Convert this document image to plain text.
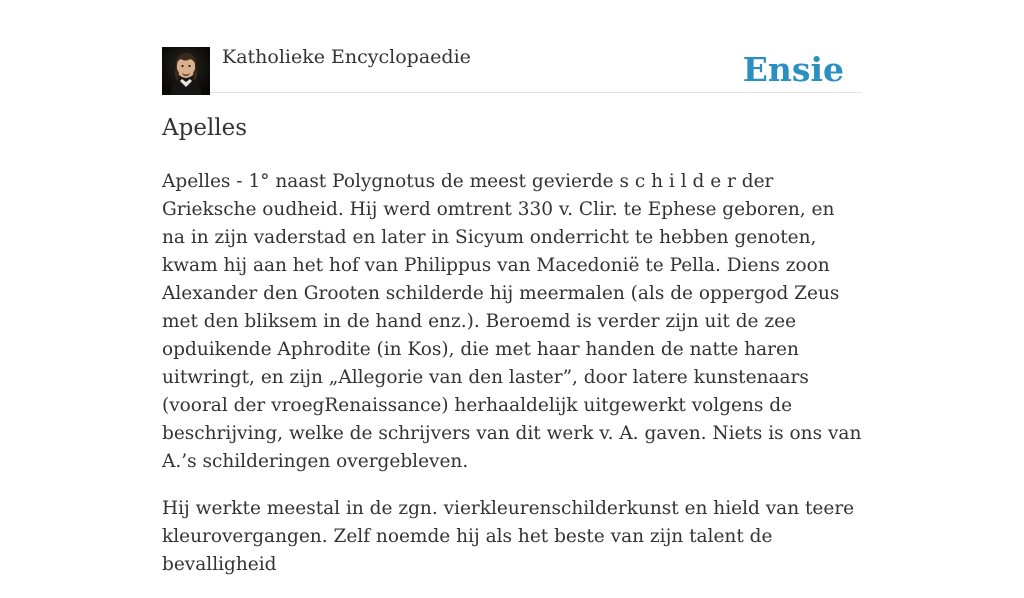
Katholieke Encyclopaedie	Ensie
Apelles

Apelles - 1° naast Polygnotus de meest gevierde s c h i l d e r der Grieksche oudheid. Hij werd omtrent 330 v. Clir. te Ephese geboren, en na in zijn vaderstad en later in Sicyum onderricht te hebben genoten, kwam hij aan het hof van Philippus van Macedonië te Pella. Diens zoon Alexander den Grooten schilderde hij meermalen (als de oppergod Zeus met den bliksem in de hand enz.). Beroemd is verder zijn uit de zee opduikende Aphrodite (in Kos), die met haar handen de natte haren uitwringt, en zijn „Allegorie van den laster”, door latere kunstenaars (vooral der vroegRenaissance) herhaaldelijk uitgewerkt volgens de beschrijving, welke de schrijvers van dit werk v. A. gaven. Niets is ons van A.’s schilderingen overgebleven.

Hij werkte meestal in de zgn. vierkleurenschilderkunst en hield van teere kleurovergangen. Zelf noemde hij als het beste van zijn talent de bevalligheid
